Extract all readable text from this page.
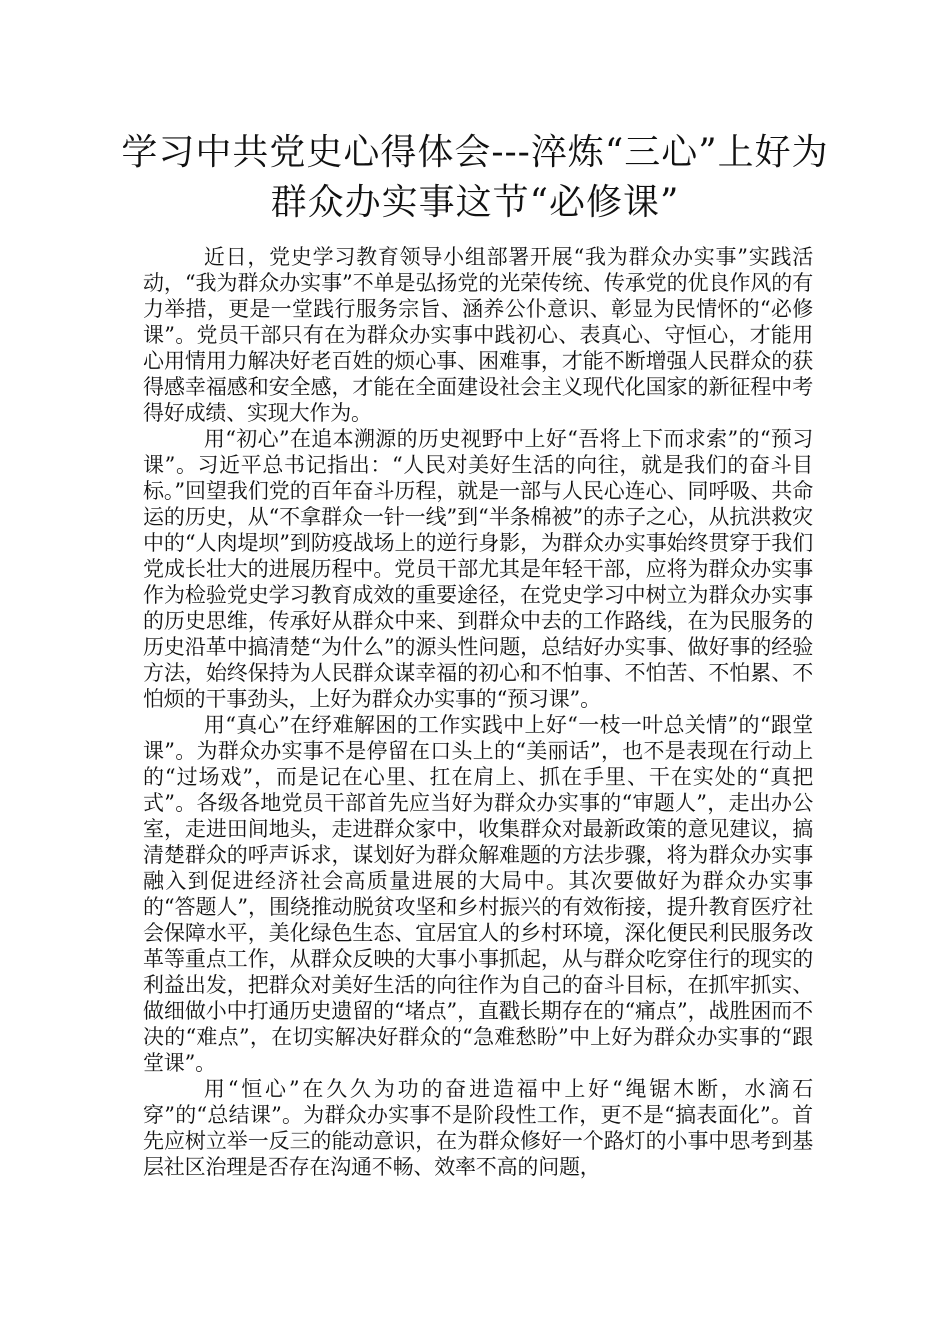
学习中共党史心得体会---淬炼“三心”上好为群众办实事这节“必修课”

近日，党史学习教育领导小组部署开展“我为群众办实事”实践活动，“我为群众办实事”不单是弘扬党的光荣传统、传承党的优良作风的有力举措，更是一堂践行服务宗旨、涵养公仆意识、彰显为民情怀的“必修课”。党员干部只有在为群众办实事中践初心、表真心、守恒心，才能用心用情用力解决好老百姓的烦心事、困难事，才能不断增强人民群众的获得感幸福感和安全感，才能在全面建设社会主义现代化国家的新征程中考得好成绩、实现大作为。

用“初心”在追本溯源的历史视野中上好“吾将上下而求索”的“预习课”。习近平总书记指出：“人民对美好生活的向往，就是我们的奋斗目标。”回望我们党的百年奋斗历程，就是一部与人民心连心、同呼吸、共命运的历史，从“不拿群众一针一线”到“半条棉被”的赤子之心，从抗洪救灾中的“人肉堤坝”到防疫战场上的逆行身影，为群众办实事始终贯穿于我们党成长壮大的进展历程中。党员干部尤其是年轻干部，应将为群众办实事作为检验党史学习教育成效的重要途径，在党史学习中树立为群众办实事的历史思维，传承好从群众中来、到群众中去的工作路线，在为民服务的历史沿革中搞清楚“为什么”的源头性问题，总结好办实事、做好事的经验方法，始终保持为人民群众谋幸福的初心和不怕事、不怕苦、不怕累、不怕烦的干事劲头，上好为群众办实事的“预习课”。

用“真心”在纾难解困的工作实践中上好“一枝一叶总关情”的“跟堂课”。为群众办实事不是停留在口头上的“美丽话”，也不是表现在行动上的“过场戏”，而是记在心里、扛在肩上、抓在手里、干在实处的“真把式”。各级各地党员干部首先应当好为群众办实事的“审题人”，走出办公室，走进田间地头，走进群众家中，收集群众对最新政策的意见建议，搞清楚群众的呼声诉求，谋划好为群众解难题的方法步骤，将为群众办实事融入到促进经济社会高质量进展的大局中。其次要做好为群众办实事的“答题人”，围绕推动脱贫攻坚和乡村振兴的有效衔接，提升教育医疗社会保障水平，美化绿色生态、宜居宜人的乡村环境，深化便民利民服务改革等重点工作，从群众反映的大事小事抓起，从与群众吃穿住行的现实的利益出发，把群众对美好生活的向往作为自己的奋斗目标，在抓牢抓实、做细做小中打通历史遗留的“堵点”，直戳长期存在的“痛点”，战胜困而不决的“难点”，在切实解决好群众的“急难愁盼”中上好为群众办实事的“跟堂课”。

用“恒心”在久久为功的奋进造福中上好“绳锯木断，水滴石穿”的“总结课”。为群众办实事不是阶段性工作，更不是“搞表面化”。首先应树立举一反三的能动意识，在为群众修好一个路灯的小事中思考到基层社区治理是否存在沟通不畅、效率不高的问题，
